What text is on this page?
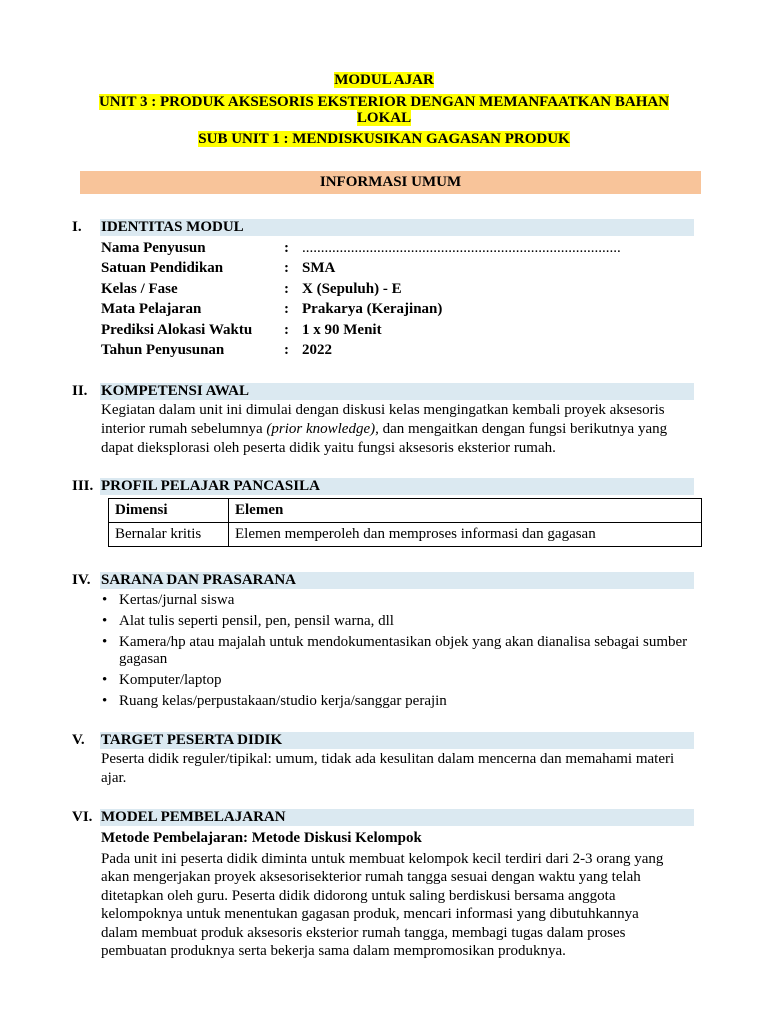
MODUL AJAR
UNIT 3 : PRODUK AKSESORIS EKSTERIOR DENGAN MEMANFAATKAN BAHAN
LOKAL
SUB UNIT 1 : MENDISKUSIKAN GAGASAN PRODUK
INFORMASI UMUM
I. IDENTITAS MODUL
Nama Penyusun	: .....................................................................................
Satuan Pendidikan	: SMA
Kelas / Fase	: X (Sepuluh) - E
Mata Pelajaran	: Prakarya (Kerajinan)
Prediksi Alokasi Waktu : 1 x 90 Menit
Tahun Penyusunan	: 2022
II. KOMPETENSI AWAL
Kegiatan dalam unit ini dimulai dengan diskusi kelas mengingatkan kembali proyek aksesoris
interior rumah sebelumnya (prior knowledge), dan mengaitkan dengan fungsi berikutnya yang
dapat dieksplorasi oleh peserta didik yaitu fungsi aksesoris eksterior rumah.
III. PROFIL PELAJAR PANCASILA
Dimensi	Elemen
Bernalar kritis	Elemen memperoleh dan memproses informasi dan gagasan
IV. SARANA DAN PRASARANA
• Kertas/jurnal siswa
• Alat tulis seperti pensil, pen, pensil warna, dll
• Kamera/hp atau majalah untuk mendokumentasikan objek yang akan dianalisa sebagai sumber gagasan
• Komputer/laptop
• Ruang kelas/perpustakaan/studio kerja/sanggar perajin
V. TARGET PESERTA DIDIK
Peserta didik reguler/tipikal: umum, tidak ada kesulitan dalam mencerna dan memahami materi
ajar.
VI. MODEL PEMBELAJARAN
Metode Pembelajaran: Metode Diskusi Kelompok
Pada unit ini peserta didik diminta untuk membuat kelompok kecil terdiri dari 2-3 orang yang
akan mengerjakan proyek aksesorisekterior rumah tangga sesuai dengan waktu yang telah
ditetapkan oleh guru. Peserta didik didorong untuk saling berdiskusi bersama anggota
kelompoknya untuk menentukan gagasan produk, mencari informasi yang dibutuhkannya
dalam membuat produk aksesoris eksterior rumah tangga, membagi tugas dalam proses
pembuatan produknya serta bekerja sama dalam mempromosikan produknya.
